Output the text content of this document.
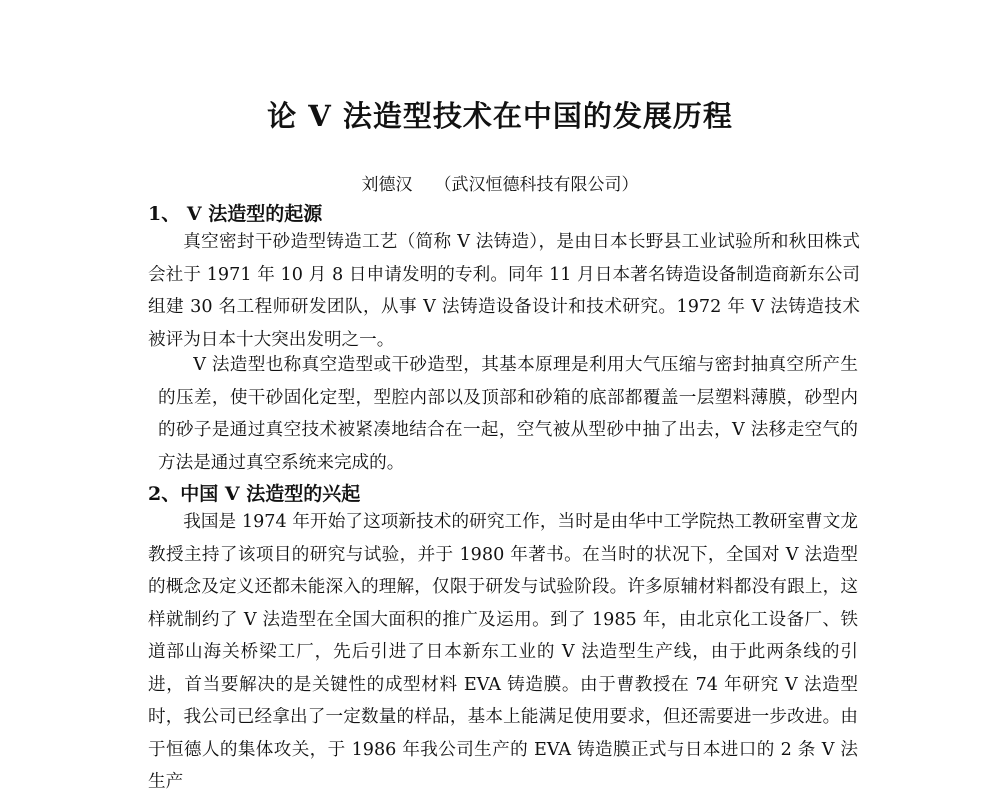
论 V 法造型技术在中国的发展历程
刘德汉 （武汉恒德科技有限公司）
1、 V 法造型的起源

真空密封干砂造型铸造工艺（简称 V 法铸造），是由日本长野县工业试验所和秋田株式会社于 1971 年 10 月 8 日申请发明的专利。同年 11 月日本著名铸造设备制造商新东公司组建 30 名工程师研发团队，从事 V 法铸造设备设计和技术研究。1972 年 V 法铸造技术被评为日本十大突出发明之一。

V 法造型也称真空造型或干砂造型，其基本原理是利用大气压缩与密封抽真空所产生的压差，使干砂固化定型，型腔内部以及顶部和砂箱的底部都覆盖一层塑料薄膜，砂型内的砂子是通过真空技术被紧凑地结合在一起，空气被从型砂中抽了出去，V 法移走空气的方法是通过真空系统来完成的。

2、中国 V 法造型的兴起

我国是 1974 年开始了这项新技术的研究工作，当时是由华中工学院热工教研室曹文龙教授主持了该项目的研究与试验，并于 1980 年著书。在当时的状况下，全国对 V 法造型的概念及定义还都未能深入的理解，仅限于研发与试验阶段。许多原辅材料都没有跟上，这样就制约了 V 法造型在全国大面积的推广及运用。到了 1985 年，由北京化工设备厂、铁道部山海关桥梁工厂，先后引进了日本新东工业的 V 法造型生产线，由于此两条线的引进，首当要解决的是关键性的成型材料 EVA 铸造膜。由于曹教授在 74 年研究 V 法造型时，我公司已经拿出了一定数量的样品，基本上能满足使用要求，但还需要进一步改进。由于恒德人的集体攻关，于 1986 年我公司生产的 EVA 铸造膜正式与日本进口的 2 条 V 法生产
